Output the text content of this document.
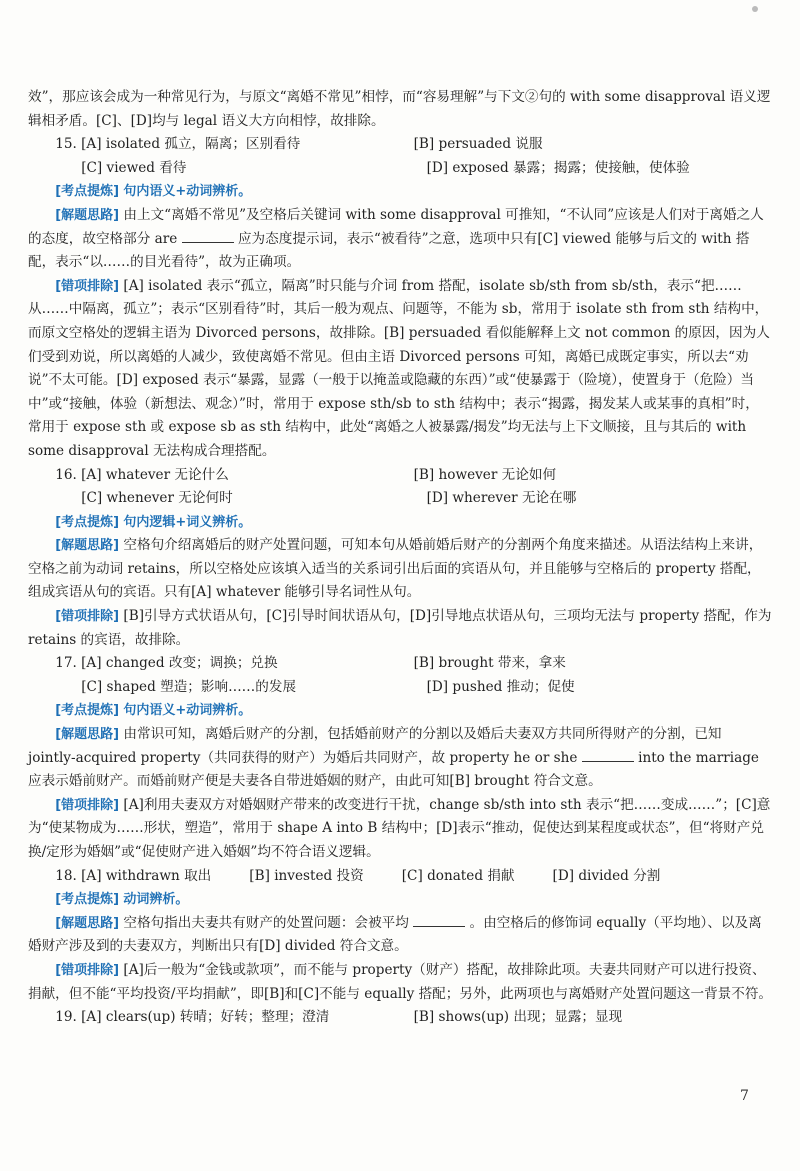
效”，那应该会成为一种常见行为，与原文“离婚不常见”相悖，而“容易理解”与下文②句的 with some disapproval 语义逻辑相矛盾。[C]、[D]均与 legal 语义大方向相悖，故排除。

15. [A] isolated 孤立，隔离；区别看待	[B] persuaded 说服
[C] viewed 看待	[D] exposed 暴露；揭露；使接触，使体验

[考点提炼] 句内语义+动词辨析。

[解题思路] 由上文“离婚不常见”及空格后关键词 with some disapproval 可推知，“不认同”应该是人们对于离婚之人的态度，故空格部分 are	应为态度提示词，表示“被看待”之意，选项中只有[C] viewed 能够与后文的 with 搭配，表示“以……的目光看待”，故为正确项。

[错项排除] [A] isolated 表示“孤立，隔离”时只能与介词 from 搭配，isolate sb/sth from sb/sth，表示“把……从……中隔离，孤立”；表示“区别看待”时，其后一般为观点、问题等，不能为 sb，常用于 isolate sth from sth 结构中，而原文空格处的逻辑主语为 Divorced persons，故排除。[B] persuaded 看似能解释上文 not common 的原因，因为人们受到劝说，所以离婚的人减少，致使离婚不常见。但由主语 Divorced persons 可知，离婚已成既定事实，所以去“劝说”不太可能。[D] exposed 表示“暴露，显露（一般于以掩盖或隐藏的东西）”或“使暴露于（险境），使置身于（危险）当中”或“接触，体验（新想法、观念）”时，常用于 expose sth/sb to sth 结构中；表示“揭露，揭发某人或某事的真相”时，常用于 expose sth 或 expose sb as sth 结构中，此处“离婚之人被暴露/揭发”均无法与上下文顺接，且与其后的 with some disapproval 无法构成合理搭配。

16. [A] whatever 无论什么	[B] however 无论如何
[C] whenever 无论何时	[D] wherever 无论在哪

[考点提炼] 句内逻辑+词义辨析。

[解题思路] 空格句介绍离婚后的财产处置问题，可知本句从婚前婚后财产的分割两个角度来描述。从语法结构上来讲，空格之前为动词 retains，所以空格处应该填入适当的关系词引出后面的宾语从句，并且能够与空格后的 property 搭配，组成宾语从句的宾语。只有[A] whatever 能够引导名词性从句。

[错项排除] [B]引导方式状语从句，[C]引导时间状语从句，[D]引导地点状语从句，三项均无法与 property 搭配，作为 retains 的宾语，故排除。

17. [A] changed 改变；调换；兑换	[B] brought 带来，拿来
[C] shaped 塑造；影响……的发展	[D] pushed 推动；促使

[考点提炼] 句内语义+动词辨析。

[解题思路] 由常识可知，离婚后财产的分割，包括婚前财产的分割以及婚后夫妻双方共同所得财产的分割，已知 jointly-acquired property（共同获得的财产）为婚后共同财产，故 property he or she	into the marriage 应表示婚前财产。而婚前财产便是夫妻各自带进婚姻的财产，由此可知[B] brought 符合文意。

[错项排除] [A]利用夫妻双方对婚姻财产带来的改变进行干扰，change sb/sth into sth 表示“把……变成……”；[C]意为“使某物成为……形状，塑造”，常用于 shape A into B 结构中；[D]表示“推动，促使达到某程度或状态”，但“将财产兑换/定形为婚姻”或“促使财产进入婚姻”均不符合语义逻辑。

18. [A] withdrawn 取出	[B] invested 投资	[C] donated 捐献	[D] divided 分割

[考点提炼] 动词辨析。

[解题思路] 空格句指出夫妻共有财产的处置问题：会被平均	。由空格后的修饰词 equally（平均地）、以及离婚财产涉及到的夫妻双方，判断出只有[D] divided 符合文意。

[错项排除] [A]后一般为“金钱或款项”，而不能与 property（财产）搭配，故排除此项。夫妻共同财产可以进行投资、捐献，但不能“平均投资/平均捐献”，即[B]和[C]不能与 equally 搭配；另外，此两项也与离婚财产处置问题这一背景不符。

19. [A] clears(up) 转晴；好转；整理；澄清	[B] shows(up) 出现；显露；显现
7
